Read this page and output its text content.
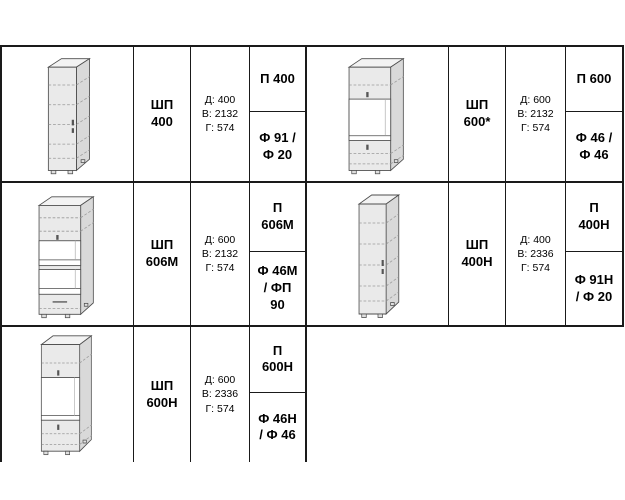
ШП 400
Д: 400
В: 2132
Г: 574
П 400
Ф 91 / Ф 20
ШП 600*
Д: 600
В: 2132
Г: 574
П 600
Ф 46 / Ф 46
ШП 606М
Д: 600
В: 2132
Г: 574
П 606М
Ф 46М / ФП 90
ШП 400Н
Д: 400
В: 2336
Г: 574
П 400Н
Ф 91Н / Ф 20
ШП 600Н
Д: 600
В: 2336
Г: 574
П 600Н
Ф 46Н / Ф 46
